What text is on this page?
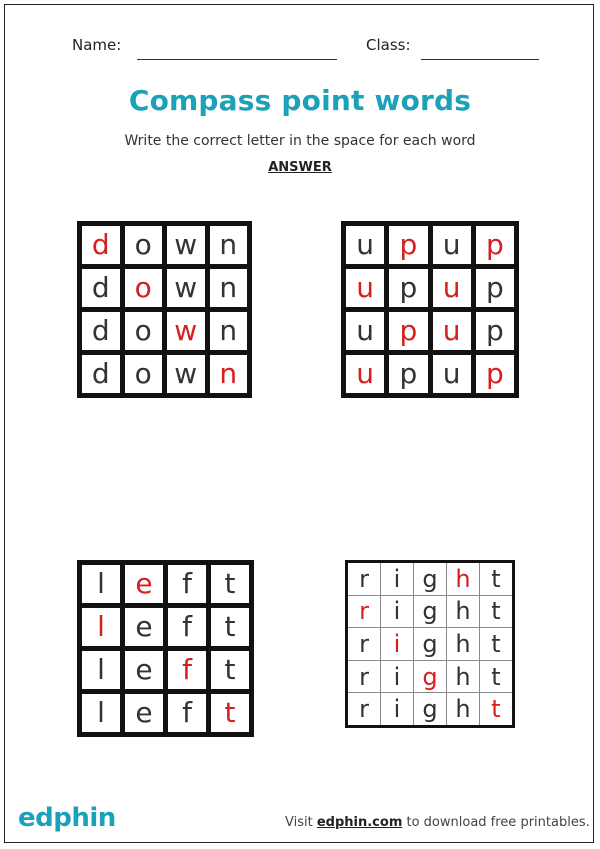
Name:	Class:
Compass point words
Write the correct letter in the space for each word
ANSWER
d o w n
d o w n
d o w n
d o w n
u p u p
u p u p
u p u p
u p u p
l	e	f	t
l	e	f	t
l	e	f	t
l	e	f	t
r	i g h t
r	i g h t
r	i g h t
r	i g h t
r	i g h t
edphin	Visit edphin.com to download free printables.
